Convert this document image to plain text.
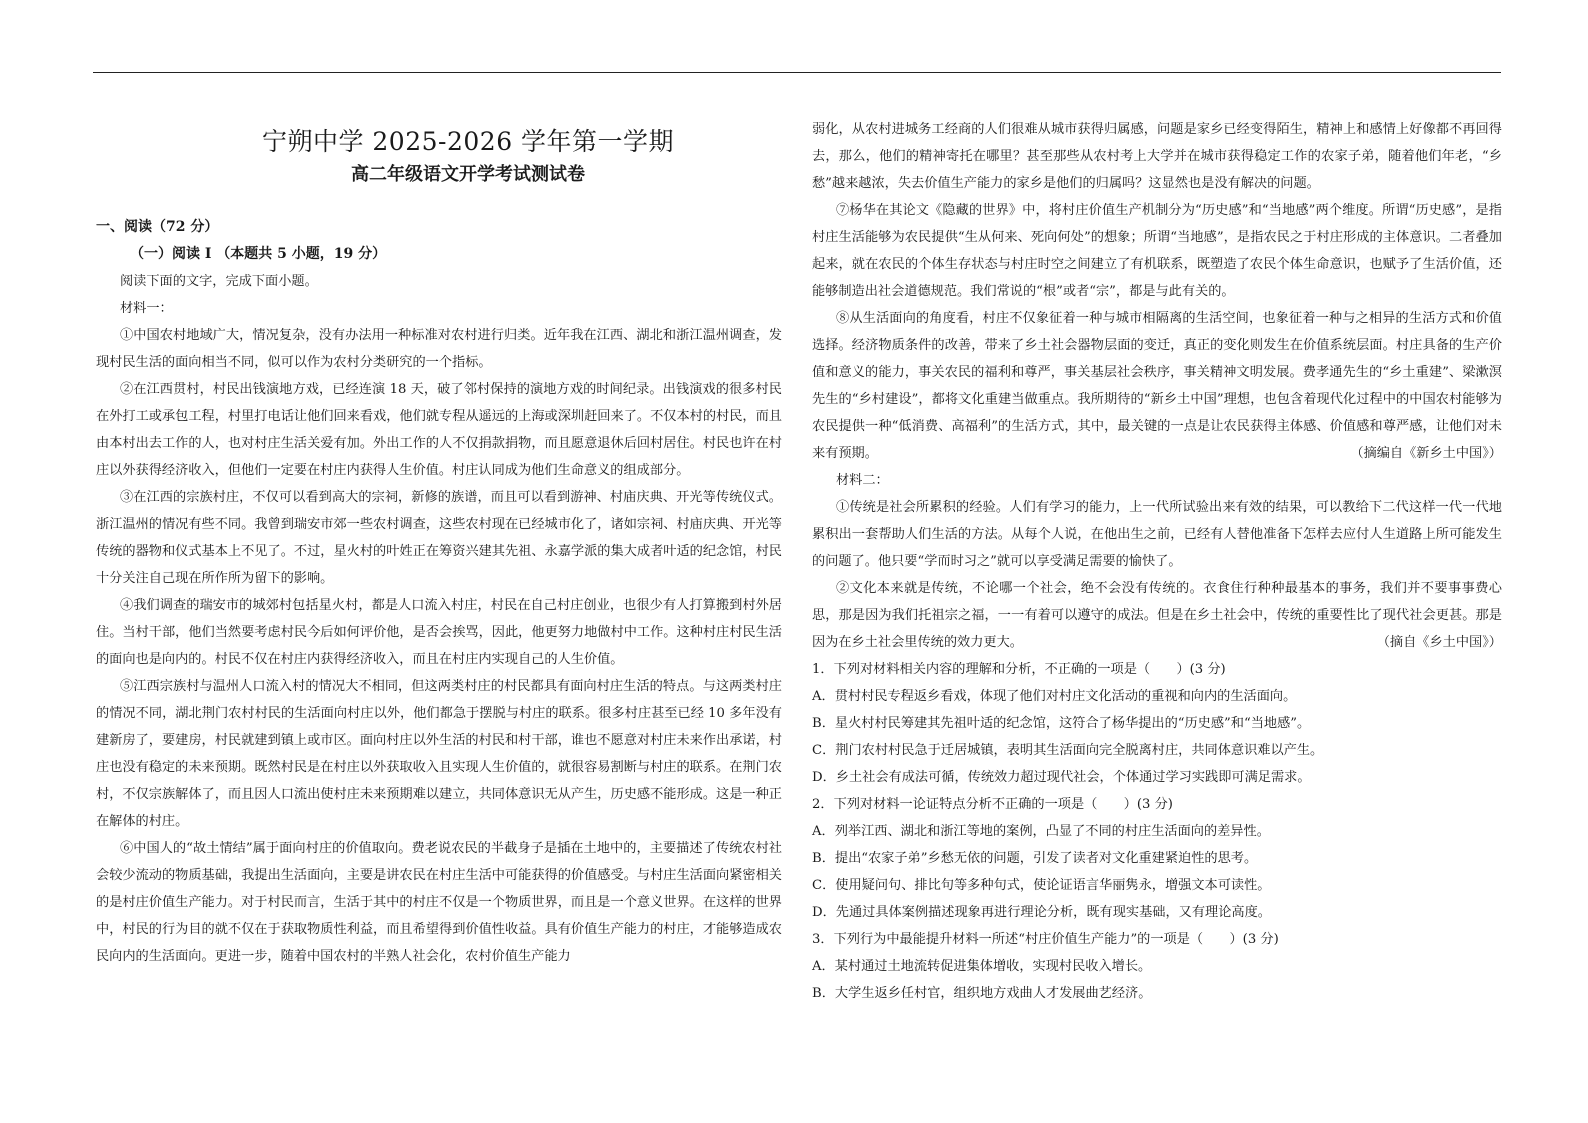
宁朔中学 2025-2026 学年第一学期
高二年级语文开学考试测试卷
一、阅读（72 分）
（一）阅读 I （本题共 5 小题，19 分）

阅读下面的文字，完成下面小题。

材料一：

①中国农村地域广大，情况复杂，没有办法用一种标准对农村进行归类。近年我在江西、湖北和浙江温州调查，发现村民生活的面向相当不同，似可以作为农村分类研究的一个指标。

②在江西贯村，村民出钱演地方戏，已经连演 18 天，破了邻村保持的演地方戏的时间纪录。出钱演戏的很多村民在外打工或承包工程，村里打电话让他们回来看戏，他们就专程从遥远的上海或深圳赶回来了。不仅本村的村民，而且由本村出去工作的人，也对村庄生活关爱有加。外出工作的人不仅捐款捐物，而且愿意退休后回村居住。村民也许在村庄以外获得经济收入，但他们一定要在村庄内获得人生价值。村庄认同成为他们生命意义的组成部分。

③在江西的宗族村庄，不仅可以看到高大的宗祠，新修的族谱，而且可以看到游神、村庙庆典、开光等传统仪式。浙江温州的情况有些不同。我曾到瑞安市郊一些农村调查，这些农村现在已经城市化了，诸如宗祠、村庙庆典、开光等传统的器物和仪式基本上不见了。不过，星火村的叶姓正在筹资兴建其先祖、永嘉学派的集大成者叶适的纪念馆，村民十分关注自己现在所作所为留下的影响。

④我们调查的瑞安市的城郊村包括星火村，都是人口流入村庄，村民在自己村庄创业，也很少有人打算搬到村外居住。当村干部，他们当然要考虑村民今后如何评价他，是否会挨骂，因此，他更努力地做村中工作。这种村庄村民生活的面向也是向内的。村民不仅在村庄内获得经济收入，而且在村庄内实现自己的人生价值。

⑤江西宗族村与温州人口流入村的情况大不相同，但这两类村庄的村民都具有面向村庄生活的特点。与这两类村庄的情况不同，湖北荆门农村村民的生活面向村庄以外，他们都急于摆脱与村庄的联系。很多村庄甚至已经 10 多年没有建新房了，要建房，村民就建到镇上或市区。面向村庄以外生活的村民和村干部，谁也不愿意对村庄未来作出承诺，村庄也没有稳定的未来预期。既然村民是在村庄以外获取收入且实现人生价值的，就很容易割断与村庄的联系。在荆门农村，不仅宗族解体了，而且因人口流出使村庄未来预期难以建立，共同体意识无从产生，历史感不能形成。这是一种正在解体的村庄。

⑥中国人的“故土情结”属于面向村庄的价值取向。费老说农民的半截身子是插在土地中的，主要描述了传统农村社会较少流动的物质基础，我提出生活面向，主要是讲农民在村庄生活中可能获得的价值感受。与村庄生活面向紧密相关的是村庄价值生产能力。对于村民而言，生活于其中的村庄不仅是一个物质世界，而且是一个意义世界。在这样的世界中，村民的行为目的就不仅在于获取物质性利益，而且希望得到价值性收益。具有价值生产能力的村庄，才能够造成农民向内的生活面向。更进一步，随着中国农村的半熟人社会化，农村价值生产能力

弱化，从农村进城务工经商的人们很难从城市获得归属感，问题是家乡已经变得陌生，精神上和感情上好像都不再回得去，那么，他们的精神寄托在哪里？甚至那些从农村考上大学并在城市获得稳定工作的农家子弟，随着他们年老，“乡愁”越来越浓，失去价值生产能力的家乡是他们的归属吗？这显然也是没有解决的问题。

⑦杨华在其论文《隐藏的世界》中，将村庄价值生产机制分为“历史感”和“当地感”两个维度。所谓“历史感”，是指村庄生活能够为农民提供“生从何来、死向何处”的想象；所谓“当地感”，是指农民之于村庄形成的主体意识。二者叠加起来，就在农民的个体生存状态与村庄时空之间建立了有机联系，既塑造了农民个体生命意识，也赋予了生活价值，还能够制造出社会道德规范。我们常说的“根”或者“宗”，都是与此有关的。

⑧从生活面向的角度看，村庄不仅象征着一种与城市相隔离的生活空间，也象征着一种与之相异的生活方式和价值选择。经济物质条件的改善，带来了乡土社会器物层面的变迁，真正的变化则发生在价值系统层面。村庄具备的生产价值和意义的能力，事关农民的福利和尊严，事关基层社会秩序，事关精神文明发展。费孝通先生的“乡土重建”、梁漱溟先生的“乡村建设”，都将文化重建当做重点。我所期待的“新乡土中国”理想，也包含着现代化过程中的中国农村能够为农民提供一种“低消费、高福利”的生活方式，其中，最关键的一点是让农民获得主体感、价值感和尊严感，让他们对未来有预期。	（摘编自《新乡土中国》）

材料二：

①传统是社会所累积的经验。人们有学习的能力，上一代所试验出来有效的结果，可以教给下二代这样一代一代地累积出一套帮助人们生活的方法。从每个人说，在他出生之前，已经有人替他准备下怎样去应付人生道路上所可能发生的问题了。他只要“学而时习之”就可以享受满足需要的愉快了。

②文化本来就是传统，不论哪一个社会，绝不会没有传统的。衣食住行种种最基本的事务，我们并不要事事费心思，那是因为我们托祖宗之福，一一有着可以遵守的成法。但是在乡土社会中，传统的重要性比了现代社会更甚。那是因为在乡土社会里传统的效力更大。	（摘自《乡土中国》）

1．下列对材料相关内容的理解和分析，不正确的一项是（　　）(3 分)

A．贯村村民专程返乡看戏，体现了他们对村庄文化活动的重视和向内的生活面向。

B．星火村村民筹建其先祖叶适的纪念馆，这符合了杨华提出的“历史感”和“当地感”。

C．荆门农村村民急于迁居城镇，表明其生活面向完全脱离村庄，共同体意识难以产生。

D．乡土社会有成法可循，传统效力超过现代社会，个体通过学习实践即可满足需求。

2．下列对材料一论证特点分析不正确的一项是（　　）(3 分)

A．列举江西、湖北和浙江等地的案例，凸显了不同的村庄生活面向的差异性。

B．提出“农家子弟”乡愁无依的问题，引发了读者对文化重建紧迫性的思考。

C．使用疑问句、排比句等多种句式，使论证语言华丽隽永，增强文本可读性。

D．先通过具体案例描述现象再进行理论分析，既有现实基础，又有理论高度。

3．下列行为中最能提升材料一所述“村庄价值生产能力”的一项是（　　）(3 分)

A．某村通过土地流转促进集体增收，实现村民收入增长。

B．大学生返乡任村官，组织地方戏曲人才发展曲艺经济。
